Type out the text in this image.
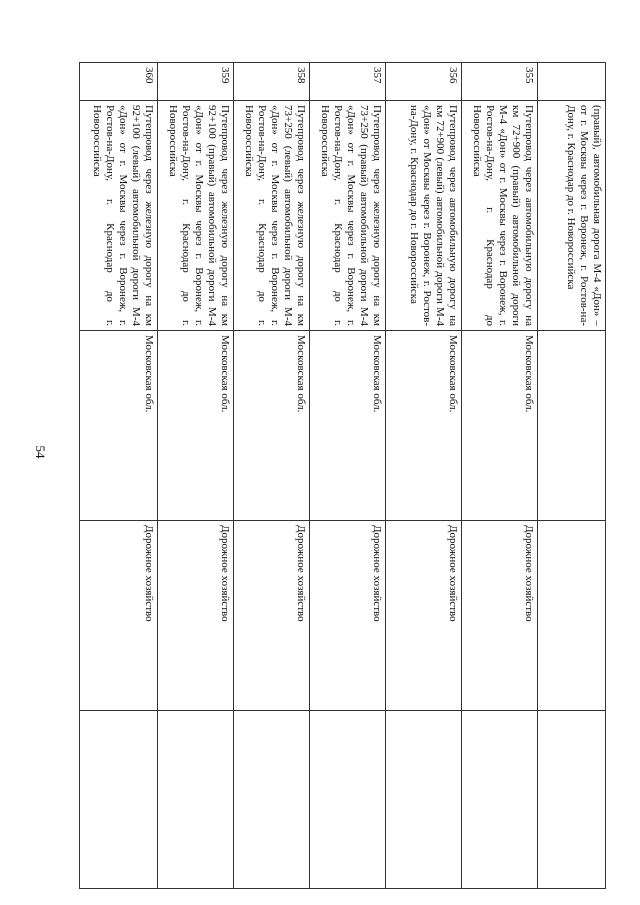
54
	(правый), автомобильная дорога М-4 «Дон» – от г. Москвы через г. Воронеж, г. Ростов-на-Дону, г. Краснодар до г. Новороссийска			
355	Путепровод через автомобильную дорогу на км 72+900 (правый) автомобильной дороги М-4 «Дон» от г. Москвы через г. Воронеж, г. Ростов-на-Дону, г. Краснодар до Новороссийска	Московская обл.	Дорожное хозяйство	
356	Путепровод через автомобильную дорогу на км 72+900 (левый) автомобильной дороги М-4 «Дон» от Москвы через г. Воронеж, г. Ростов-на-Дону, г. Краснодар до г. Новороссийска	Московская обл.	Дорожное хозяйство	
357	Путепровод через железную дорогу на км 73+250 (правый) автомобильной дороги М-4 «Дон» от г. Москвы через г. Воронеж, г. Ростов-на-Дону, г. Краснодар до г. Новороссийска	Московская обл.	Дорожное хозяйство	
358	Путепровод через железную дорогу на км 73+250 (левый) автомобильной дороги М-4 «Дон» от г. Москвы через г. Воронеж, г. Ростов-на-Дону, г. Краснодар до г. Новороссийска	Московская обл.	Дорожное хозяйство	
359	Путепровод через железную дорогу на км 92+100 (правый) автомобильной дороги М-4 «Дон» от г. Москвы через г. Воронеж, г. Ростов-на-Дону, г. Краснодар до г. Новороссийска	Московская обл.	Дорожное хозяйство	
360	Путепровод через железную дорогу на км 92+100 (левый) автомобильной дороги М-4 «Дон» от г. Москвы через г. Воронеж, г. Ростов-на-Дону, г. Краснодар до г. Новороссийска	Московская обл.	Дорожное хозяйство	
